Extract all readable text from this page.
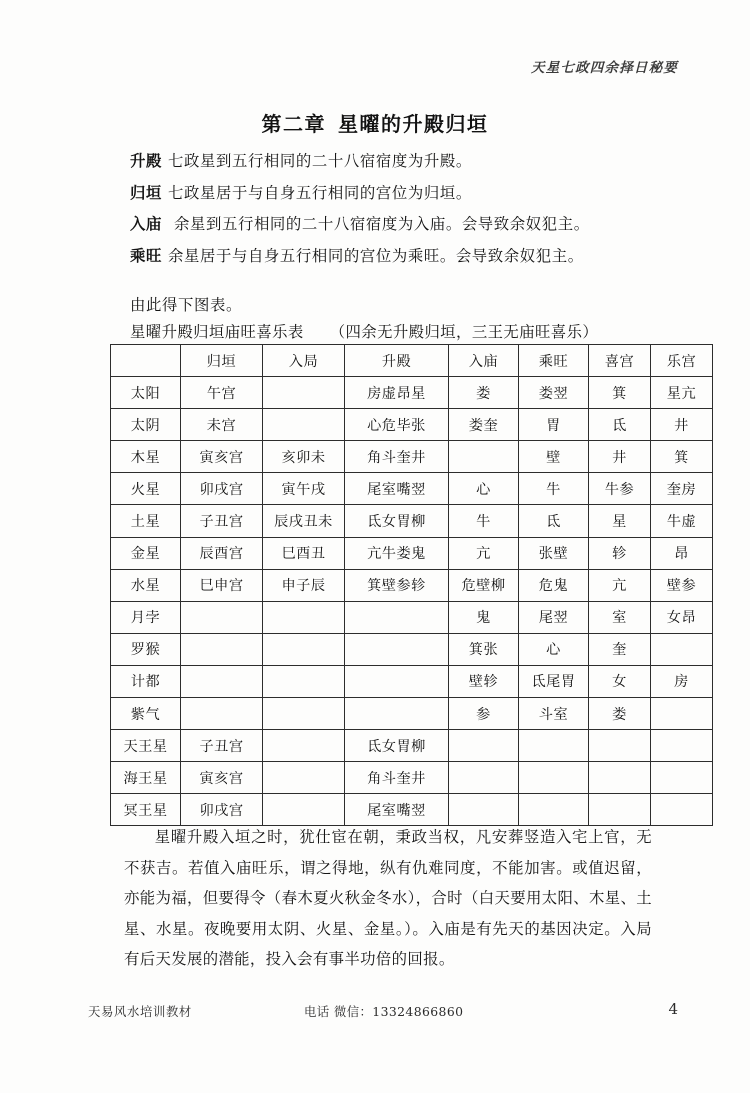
天星七政四余择日秘要
第二章 星曜的升殿归垣
升殿 七政星到五行相同的二十八宿宿度为升殿。
归垣 七政星居于与自身五行相同的宫位为归垣。
入庙 余星到五行相同的二十八宿宿度为入庙。会导致余奴犯主。
乘旺 余星居于与自身五行相同的宫位为乘旺。会导致余奴犯主。
由此得下图表。
星曜升殿归垣庙旺喜乐表 （四余无升殿归垣，三王无庙旺喜乐）
	归垣	入局	升殿	入庙	乘旺	喜宫	乐宫
太阳	午宫		房虚昂星	娄	娄翌	箕	星亢
太阴	未宫		心危毕张	娄奎	胃	氐	井
木星	寅亥宫	亥卯未	角斗奎井		壁	井	箕
火星	卯戌宫	寅午戌	尾室嘴翌	心	牛	牛参	奎房
土星	子丑宫	辰戌丑未	氐女胃柳	牛	氐	星	牛虚
金星	辰酉宫	巳酉丑	亢牛娄鬼	亢	张壁	轸	昂
水星	巳申宫	申子辰	箕壁参轸	危壁柳	危鬼	亢	壁参
月孛				鬼	尾翌	室	女昂
罗猴				箕张	心	奎	
计都				壁轸	氐尾胃	女	房
紫气				参	斗室	娄	
天王星	子丑宫		氐女胃柳				
海王星	寅亥宫		角斗奎井				
冥王星	卯戌宫		尾室嘴翌				
星曜升殿入垣之时，犹仕宦在朝，秉政当权，凡安葬竖造入宅上官，无不获吉。若值入庙旺乐，谓之得地，纵有仇难同度，不能加害。或值迟留，亦能为福，但要得令（春木夏火秋金冬水），合时（白天要用太阳、木星、土星、水星。夜晚要用太阴、火星、金星。）。入庙是有先天的基因决定。入局有后天发展的潜能，投入会有事半功倍的回报。
天易风水培训教材	电话 微信：13324866860	4
